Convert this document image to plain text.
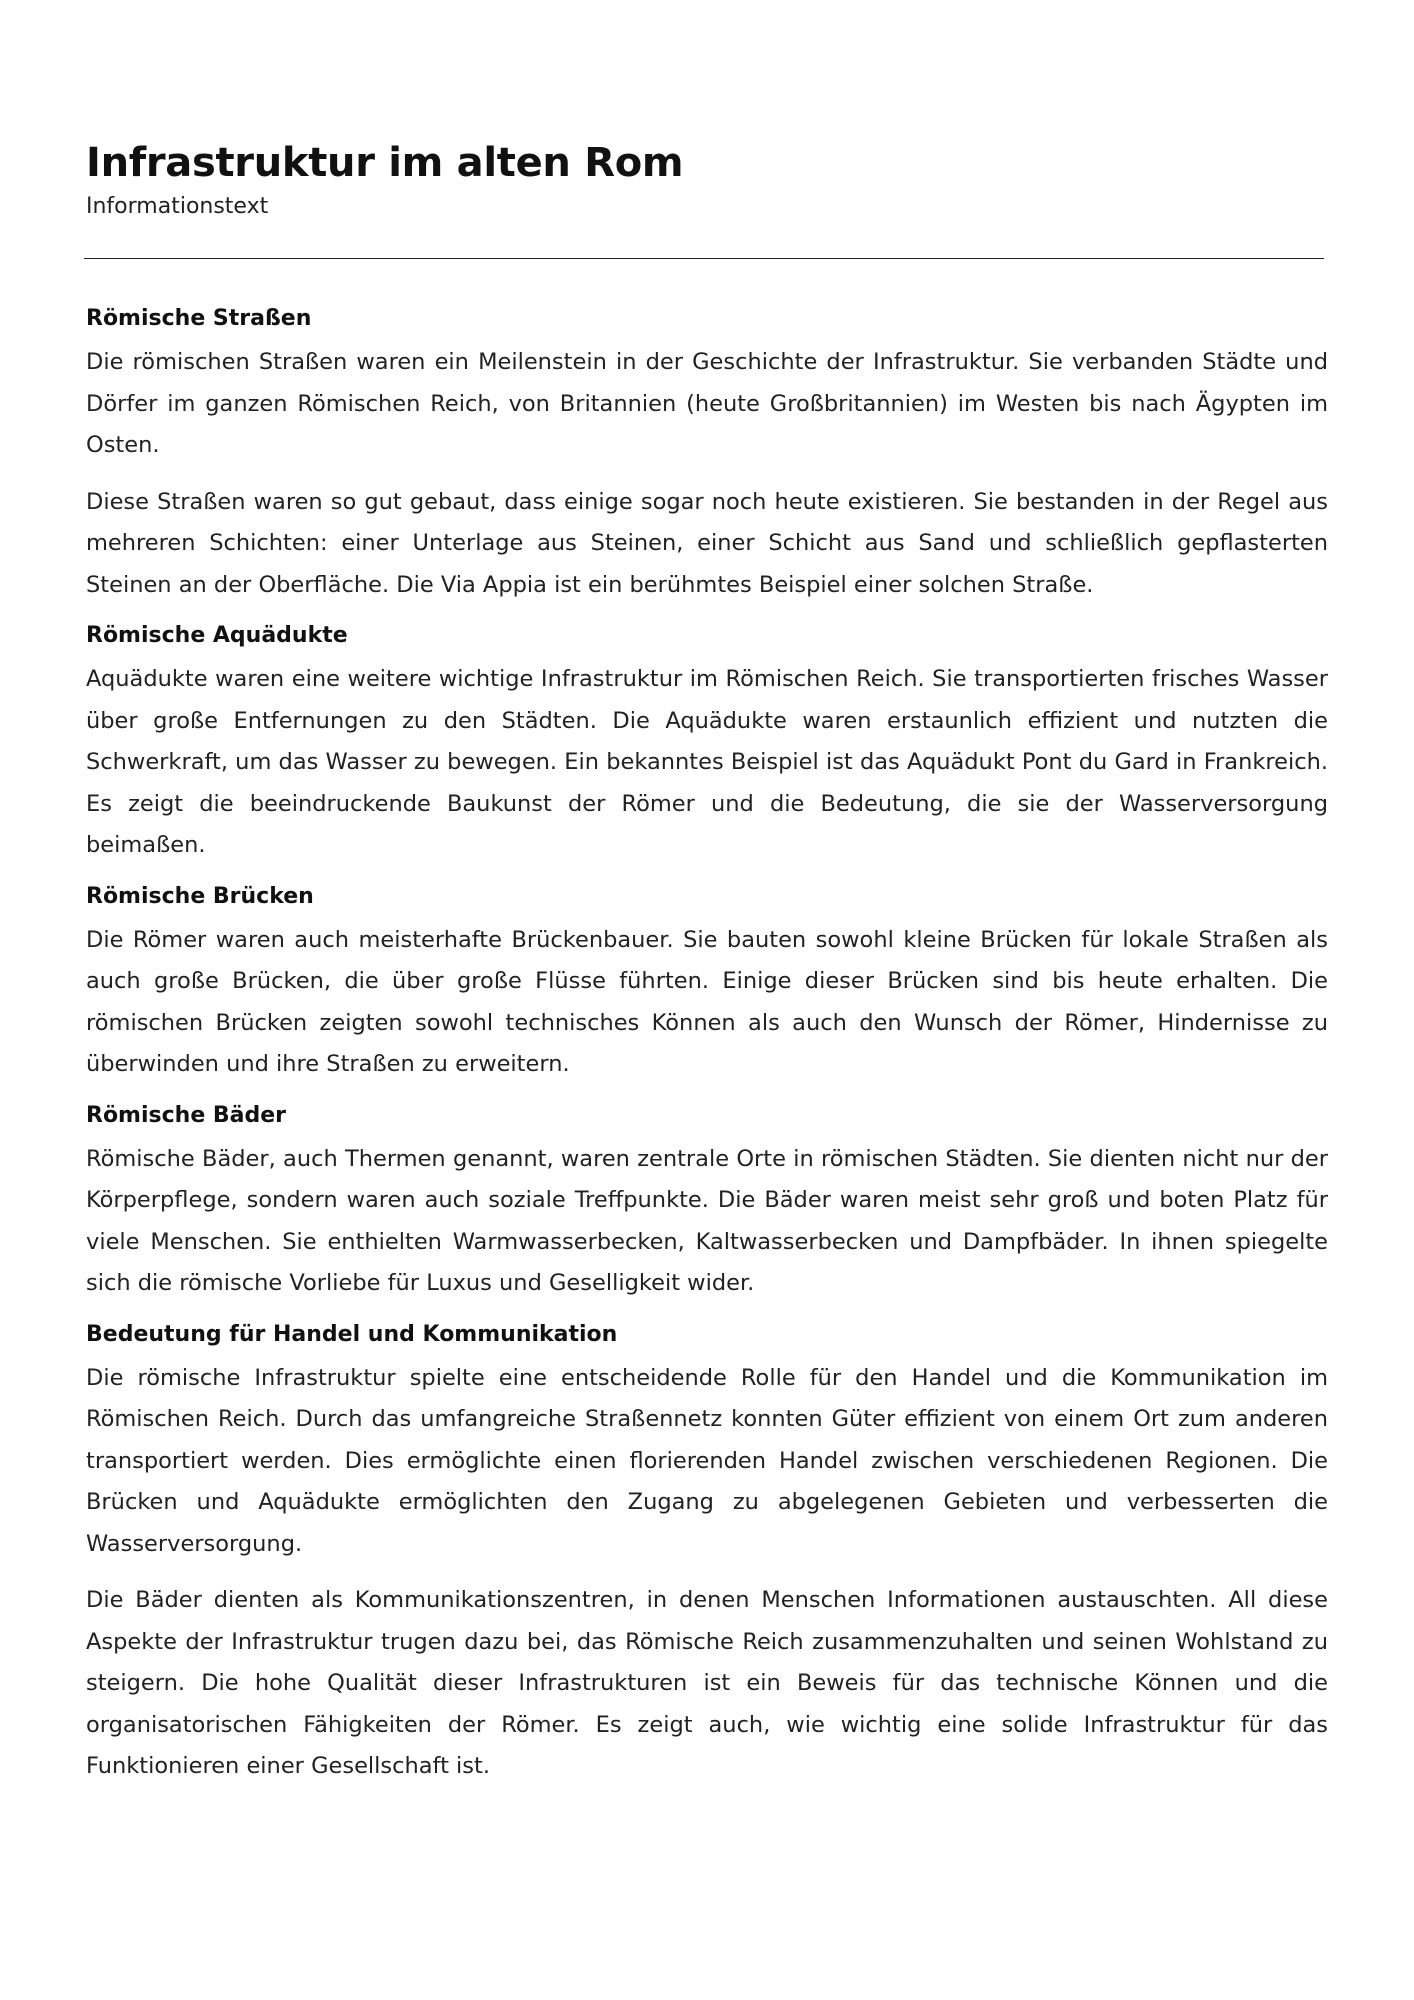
Infrastruktur im alten Rom

Informationstext

Römische Straßen

Die römischen Straßen waren ein Meilenstein in der Geschichte der Infrastruktur. Sie verbanden Städte und Dörfer im ganzen Römischen Reich, von Britannien (heute Großbritannien) im Westen bis nach Ägypten im Osten.

Diese Straßen waren so gut gebaut, dass einige sogar noch heute existieren. Sie bestanden in der Regel aus mehreren Schichten: einer Unterlage aus Steinen, einer Schicht aus Sand und schließlich gepflasterten Steinen an der Oberfläche. Die Via Appia ist ein berühmtes Beispiel einer solchen Straße.

Römische Aquädukte

Aquädukte waren eine weitere wichtige Infrastruktur im Römischen Reich. Sie transportierten frisches Wasser über große Entfernungen zu den Städten. Die Aquädukte waren erstaunlich effizient und nutzten die Schwerkraft, um das Wasser zu bewegen. Ein bekanntes Beispiel ist das Aquädukt Pont du Gard in Frankreich. Es zeigt die beeindruckende Baukunst der Römer und die Bedeutung, die sie der Wasserversorgung beimaßen.

Römische Brücken

Die Römer waren auch meisterhafte Brückenbauer. Sie bauten sowohl kleine Brücken für lokale Straßen als auch große Brücken, die über große Flüsse führten. Einige dieser Brücken sind bis heute erhalten. Die römischen Brücken zeigten sowohl technisches Können als auch den Wunsch der Römer, Hindernisse zu überwinden und ihre Straßen zu erweitern.

Römische Bäder

Römische Bäder, auch Thermen genannt, waren zentrale Orte in römischen Städten. Sie dienten nicht nur der Körperpflege, sondern waren auch soziale Treffpunkte. Die Bäder waren meist sehr groß und boten Platz für viele Menschen. Sie enthielten Warmwasserbecken, Kaltwasserbecken und Dampfbäder. In ihnen spiegelte sich die römische Vorliebe für Luxus und Geselligkeit wider.

Bedeutung für Handel und Kommunikation

Die römische Infrastruktur spielte eine entscheidende Rolle für den Handel und die Kommunikation im Römischen Reich. Durch das umfangreiche Straßennetz konnten Güter effizient von einem Ort zum anderen transportiert werden. Dies ermöglichte einen florierenden Handel zwischen verschiedenen Regionen. Die Brücken und Aquädukte ermöglichten den Zugang zu abgelegenen Gebieten und verbesserten die Wasserversorgung.

Die Bäder dienten als Kommunikationszentren, in denen Menschen Informationen austauschten. All diese Aspekte der Infrastruktur trugen dazu bei, das Römische Reich zusammenzuhalten und seinen Wohlstand zu steigern. Die hohe Qualität dieser Infrastrukturen ist ein Beweis für das technische Können und die organisatorischen Fähigkeiten der Römer. Es zeigt auch, wie wichtig eine solide Infrastruktur für das Funktionieren einer Gesellschaft ist.
